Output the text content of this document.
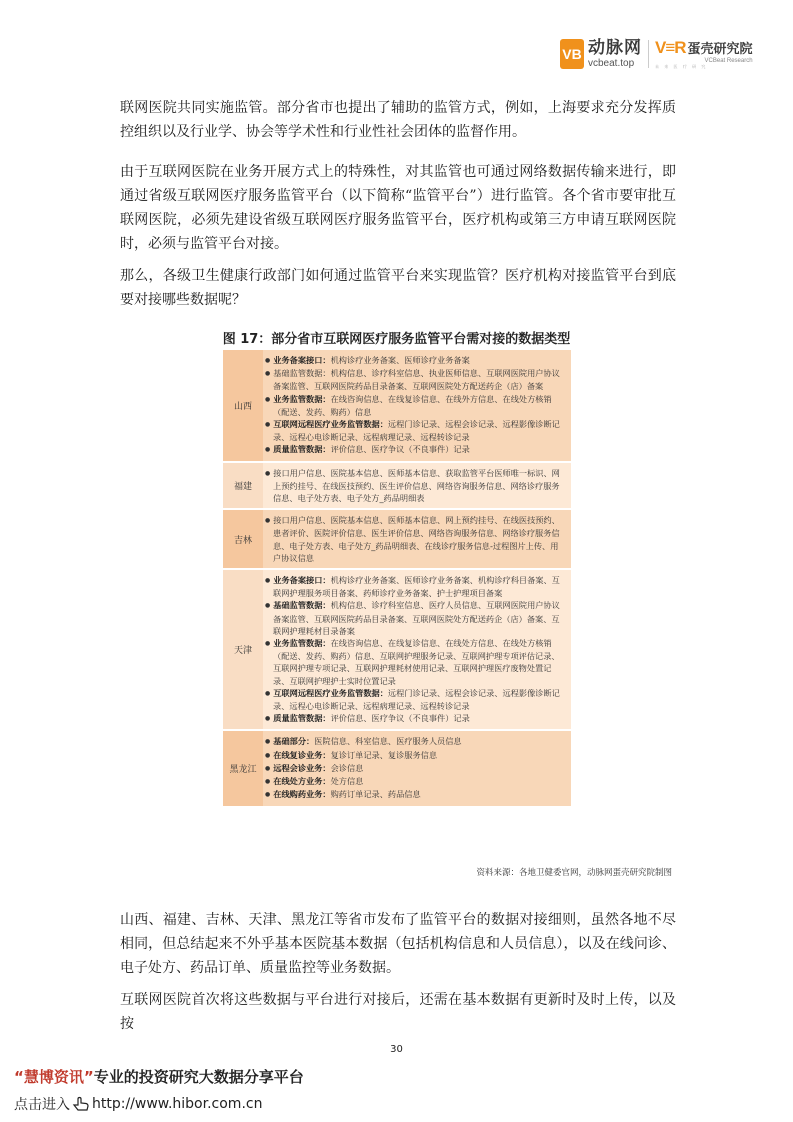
VB 动脉网
vcbeat.top
V≡R 蛋壳研究院
VCBeat Research
未 来 医 疗 研 究
联网医院共同实施监管。部分省市也提出了辅助的监管方式，例如，上海要求充分发挥质控组织以及行业学、协会等学术性和行业性社会团体的监督作用。
由于互联网医院在业务开展方式上的特殊性，对其监管也可通过网络数据传输来进行，即通过省级互联网医疗服务监管平台（以下简称“监管平台”）进行监管。各个省市要审批互联网医院，必须先建设省级互联网医疗服务监管平台，医疗机构或第三方申请互联网医院时，必须与监管平台对接。
那么，各级卫生健康行政部门如何通过监管平台来实现监管？医疗机构对接监管平台到底要对接哪些数据呢？
图 17：部分省市互联网医疗服务监管平台需对接的数据类型
山西
● 业务备案接口：机构诊疗业务备案、医师诊疗业务备案
● 基础监管数据：机构信息、诊疗科室信息、执业医师信息、互联网医院用户协议备案监管、互联网医院药品目录备案、互联网医院处方配送药企（店）备案
● 业务监管数据：在线咨询信息、在线复诊信息、在线外方信息、在线处方核销（配送、发药、购药）信息
● 互联网远程医疗业务监管数据：远程门诊记录、远程会诊记录、远程影像诊断记录、远程心电诊断记录、远程病理记录、远程转诊记录
● 质量监管数据：评价信息、医疗争议（不良事件）记录
福建
● 接口用户信息、医院基本信息、医师基本信息、获取监管平台医师唯一标识、网上预约挂号、在线医技预约、医生评价信息、网络咨询服务信息、网络诊疗服务信息、电子处方表、电子处方_药品明细表
吉林
● 接口用户信息、医院基本信息、医师基本信息、网上预约挂号、在线医技预约、患者评价、医院评价信息、医生评价信息、网络咨询服务信息、网络诊疗服务信息、电子处方表、电子处方_药品明细表、在线诊疗服务信息-过程图片上传、用户协议信息
天津
● 业务备案接口：机构诊疗业务备案、医师诊疗业务备案、机构诊疗科目备案、互联网护理服务项目备案、药师诊疗业务备案、护士护理项目备案
● 基础监管数据：机构信息、诊疗科室信息、医疗人员信息、互联网医院用户协议备案监管、互联网医院药品目录备案、互联网医院处方配送药企（店）备案、互联网护理耗材目录备案
● 业务监管数据：在线咨询信息、在线复诊信息、在线处方信息、在线处方核销（配送、发药、购药）信息、互联网护理服务记录、互联网护理专项评估记录、互联网护理专项记录、互联网护理耗材使用记录、互联网护理医疗废物处置记录、互联网护理护士实时位置记录
● 互联网远程医疗业务监管数据：远程门诊记录、远程会诊记录、远程影像诊断记录、远程心电诊断记录、远程病理记录、远程转诊记录
● 质量监管数据：评价信息、医疗争议（不良事件）记录
黑龙江
● 基础部分：医院信息、科室信息、医疗服务人员信息
● 在线复诊业务：复诊订单记录、复诊服务信息
● 远程会诊业务：会诊信息
● 在线处方业务：处方信息
● 在线购药业务：购药订单记录、药品信息
资料来源：各地卫健委官网，动脉网蛋壳研究院制图
山西、福建、吉林、天津、黑龙江等省市发布了监管平台的数据对接细则，虽然各地不尽相同，但总结起来不外乎基本医院基本数据（包括机构信息和人员信息），以及在线问诊、电子处方、药品订单、质量监控等业务数据。
互联网医院首次将这些数据与平台进行对接后，还需在基本数据有更新时及时上传，以及按
30
“慧博资讯”专业的投资研究大数据分享平台
点击进入 http://www.hibor.com.cn
